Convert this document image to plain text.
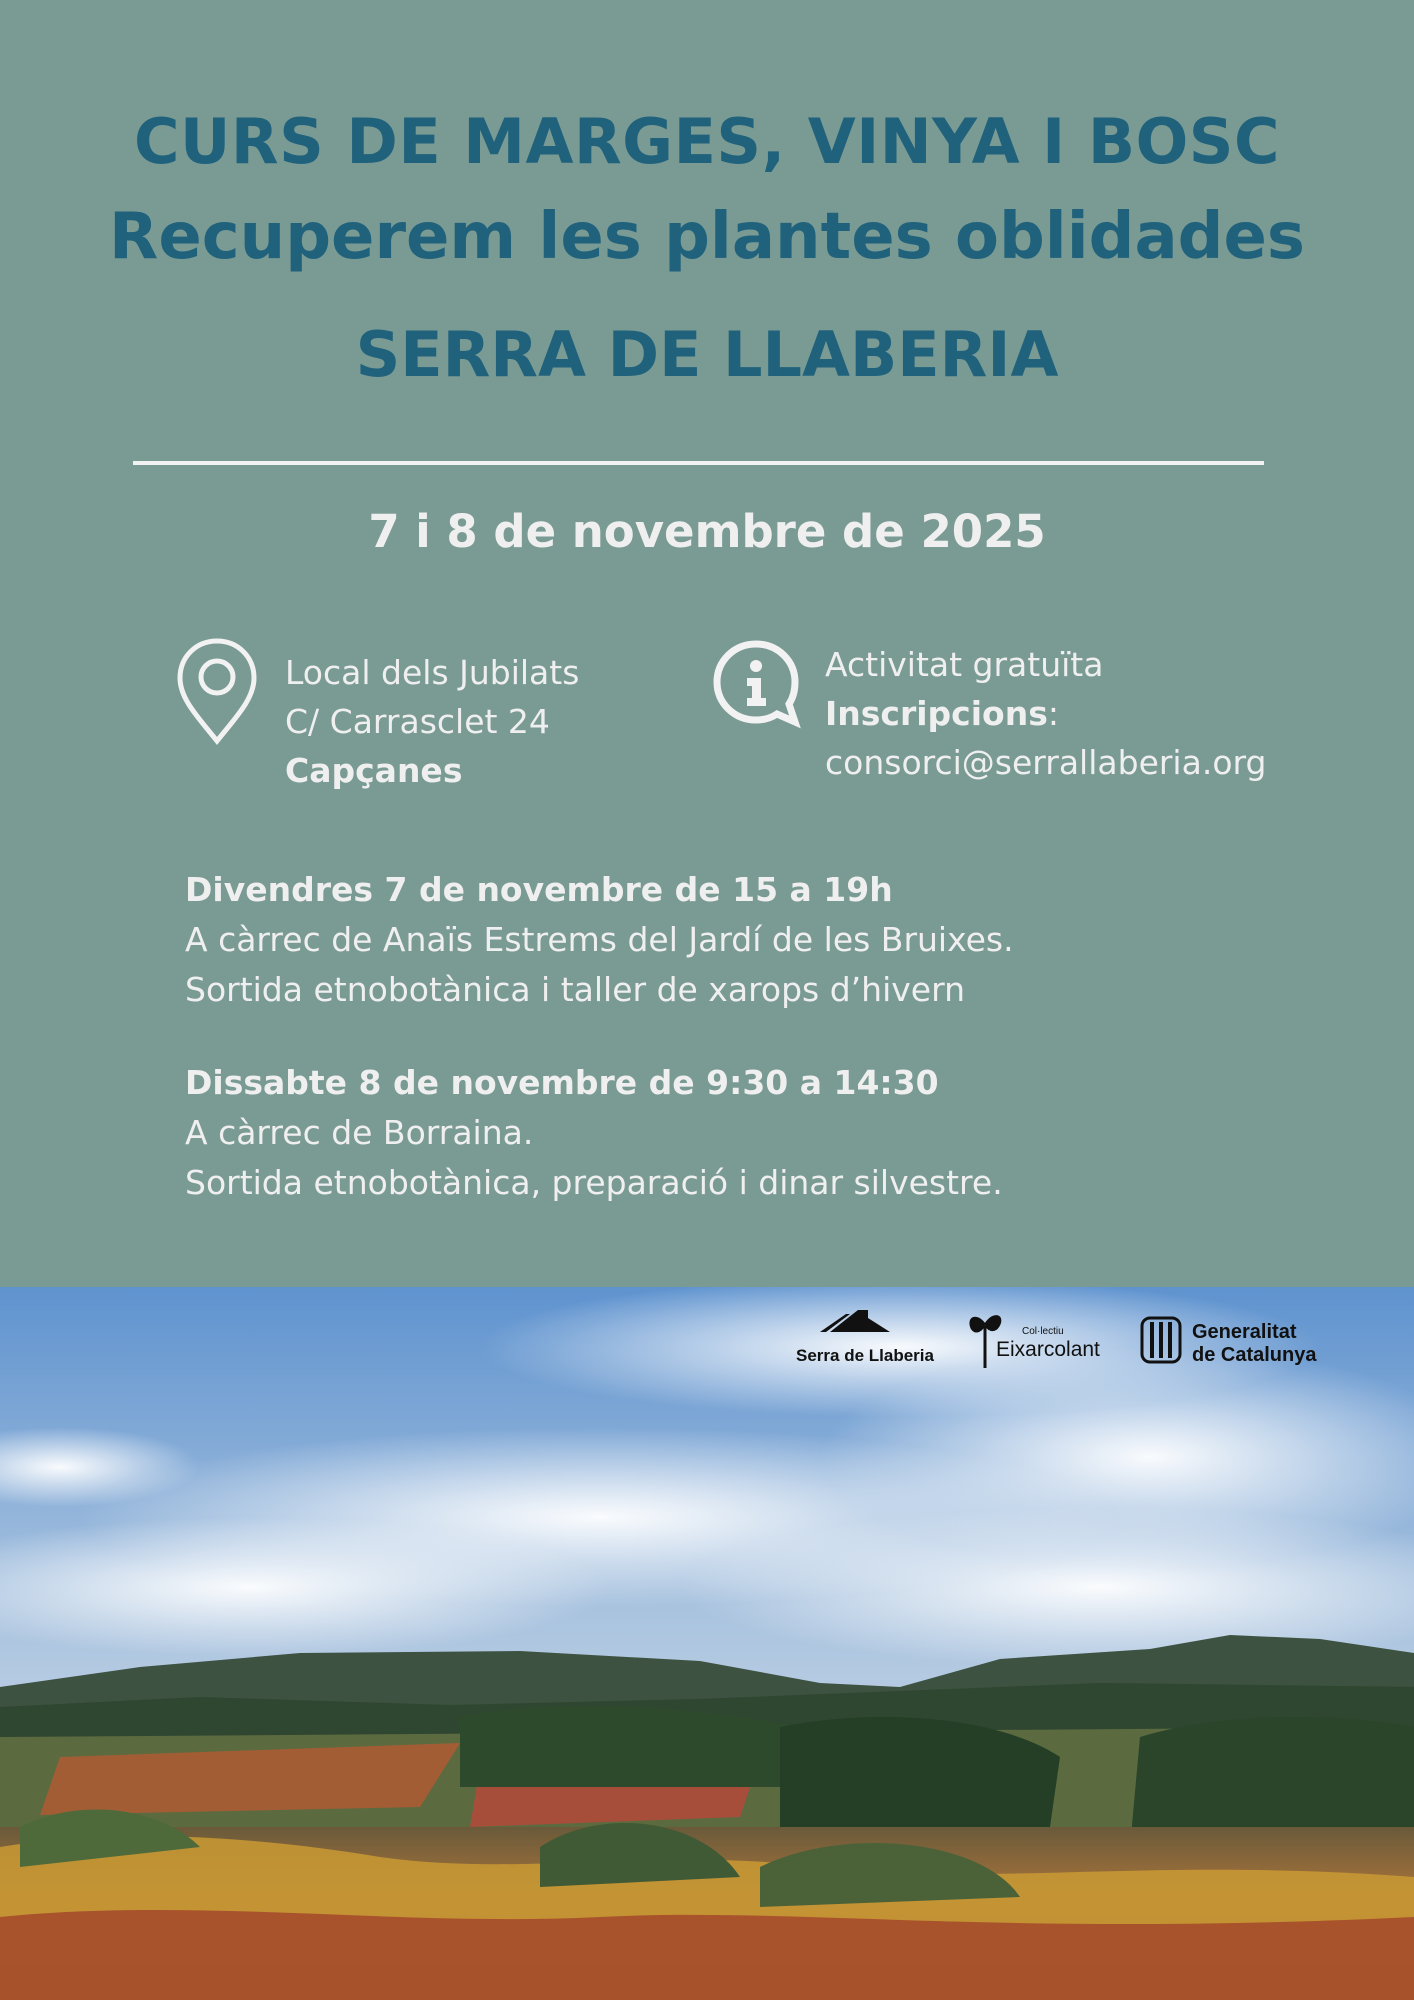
CURS DE MARGES, VINYA I BOSC
Recuperem les plantes oblidades
SERRA DE LLABERIA
7 i 8 de novembre de 2025
Local dels Jubilats
C/ Carrasclet 24
Capçanes
Activitat gratuïta
Inscripcions:
consorci@serrallaberia.org
Divendres 7 de novembre de 15 a 19h
A càrrec de Anaïs Estrems del Jardí de les Bruixes.
Sortida etnobotànica i taller de xarops d’hivern
Dissabte 8 de novembre de 9:30 a 14:30
A càrrec de Borraina.
Sortida etnobotànica, preparació i dinar silvestre.
Serra de Llaberia
Col·lectiu
Eixarcolant
Generalitat
de Catalunya
